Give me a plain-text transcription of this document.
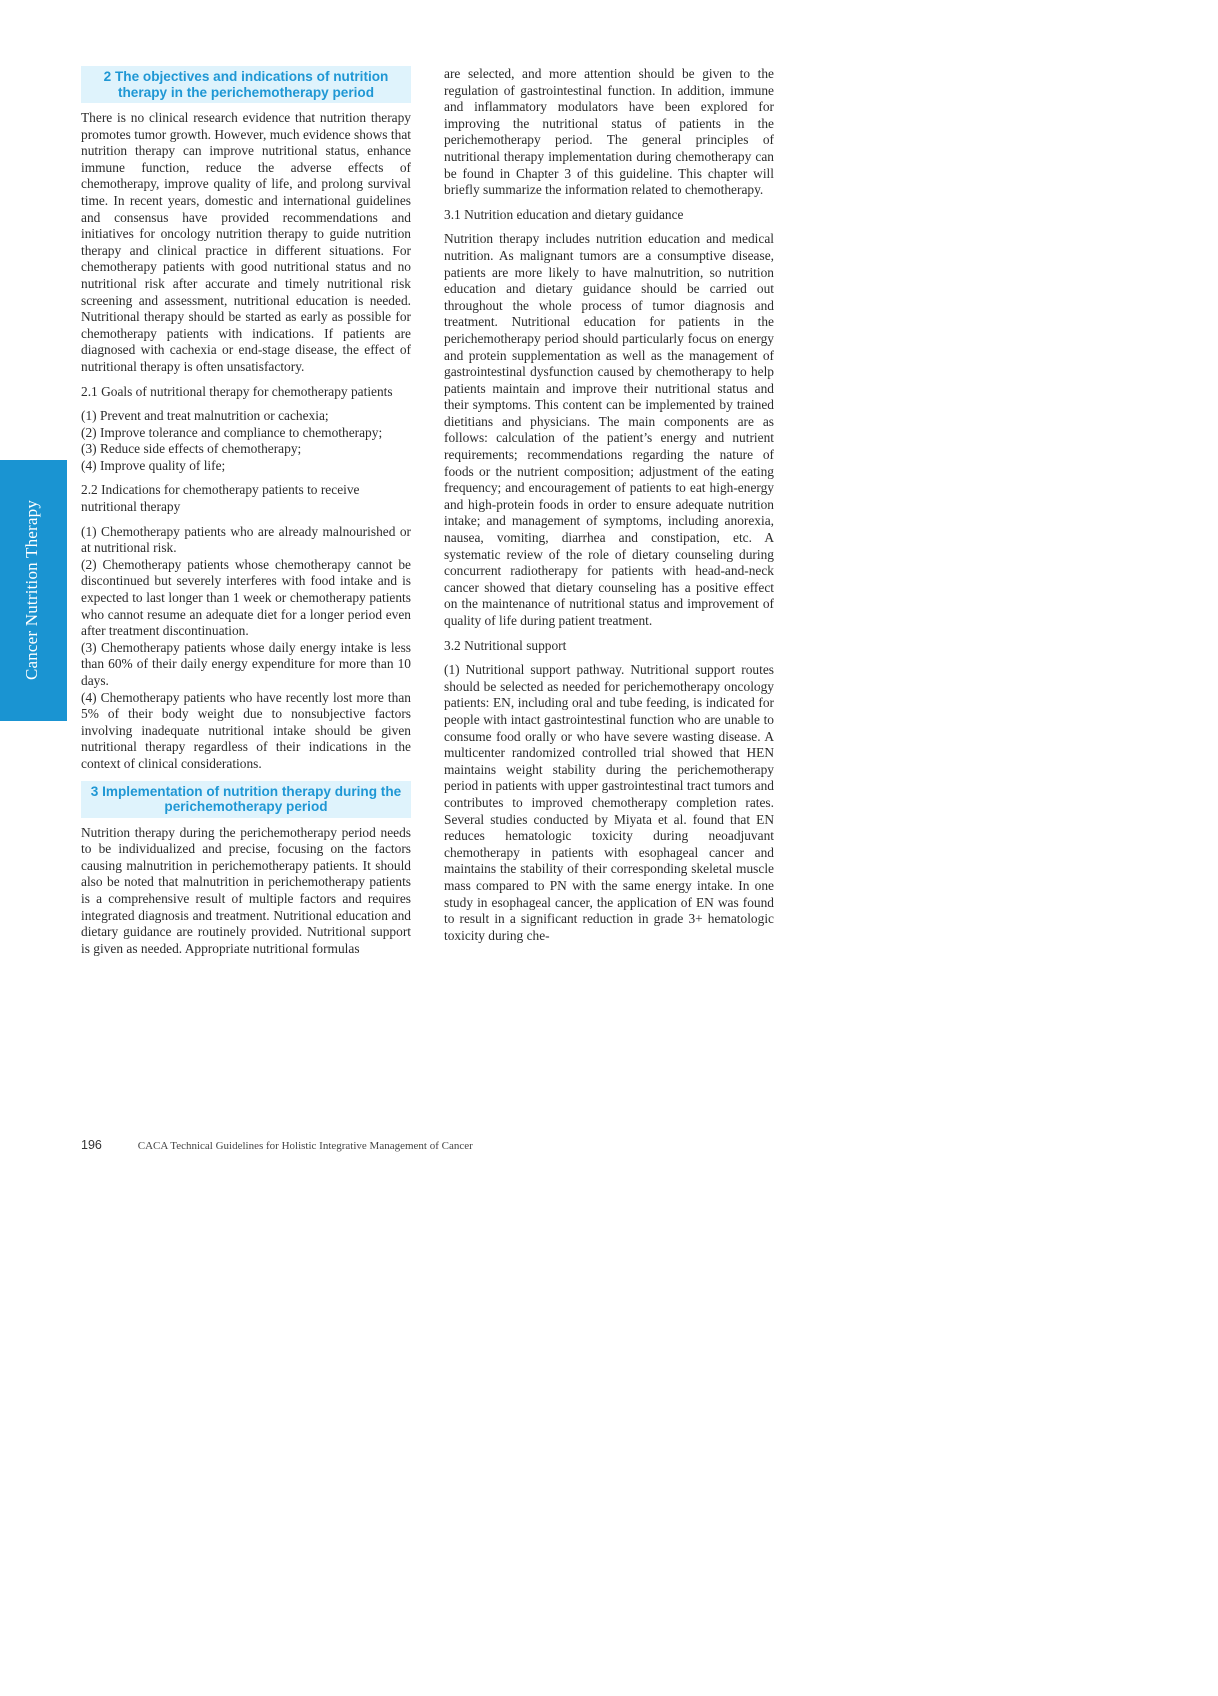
Cancer Nutrition Therapy
2 The objectives and indications of nutrition therapy in the perichemotherapy period

There is no clinical research evidence that nutrition therapy promotes tumor growth. However, much evidence shows that nutrition therapy can improve nutritional status, enhance immune function, reduce the adverse effects of chemotherapy, improve quality of life, and prolong survival time. In recent years, domestic and international guidelines and consensus have provided recommendations and initiatives for oncology nutrition therapy to guide nutrition therapy and clinical practice in different situations. For chemotherapy patients with good nutritional status and no nutritional risk after accurate and timely nutritional risk screening and assessment, nutritional education is needed. Nutritional therapy should be started as early as possible for chemotherapy patients with indications. If patients are diagnosed with cachexia or end-stage disease, the effect of nutritional therapy is often unsatisfactory.

2.1 Goals of nutritional therapy for chemotherapy patients

(1) Prevent and treat malnutrition or cachexia;

(2) Improve tolerance and compliance to chemotherapy;

(3) Reduce side effects of chemotherapy;

(4) Improve quality of life;

2.2 Indications for chemotherapy patients to receive nutritional therapy

(1) Chemotherapy patients who are already malnourished or at nutritional risk.

(2) Chemotherapy patients whose chemotherapy cannot be discontinued but severely interferes with food intake and is expected to last longer than 1 week or chemotherapy patients who cannot resume an adequate diet for a longer period even after treatment discontinuation.

(3) Chemotherapy patients whose daily energy intake is less than 60% of their daily energy expenditure for more than 10 days.

(4) Chemotherapy patients who have recently lost more than 5% of their body weight due to nonsubjective factors involving inadequate nutritional intake should be given nutritional therapy regardless of their indications in the context of clinical considerations.

3 Implementation of nutrition therapy during the perichemotherapy period

Nutrition therapy during the perichemotherapy period needs to be individualized and precise, focusing on the factors causing malnutrition in perichemotherapy patients. It should also be noted that malnutrition in perichemotherapy patients is a comprehensive result of multiple factors and requires integrated diagnosis and treatment. Nutritional education and dietary guidance are routinely provided. Nutritional support is given as needed. Appropriate nutritional formulas

are selected, and more attention should be given to the regulation of gastrointestinal function. In addition, immune and inflammatory modulators have been explored for improving the nutritional status of patients in the perichemotherapy period. The general principles of nutritional therapy implementation during chemotherapy can be found in Chapter 3 of this guideline. This chapter will briefly summarize the information related to chemotherapy.

3.1 Nutrition education and dietary guidance

Nutrition therapy includes nutrition education and medical nutrition. As malignant tumors are a consumptive disease, patients are more likely to have malnutrition, so nutrition education and dietary guidance should be carried out throughout the whole process of tumor diagnosis and treatment. Nutritional education for patients in the perichemotherapy period should particularly focus on energy and protein supplementation as well as the management of gastrointestinal dysfunction caused by chemotherapy to help patients maintain and improve their nutritional status and their symptoms. This content can be implemented by trained dietitians and physicians. The main components are as follows: calculation of the patient’s energy and nutrient requirements; recommendations regarding the nature of foods or the nutrient composition; adjustment of the eating frequency; and encouragement of patients to eat high-energy and high-protein foods in order to ensure adequate nutrition intake; and management of symptoms, including anorexia, nausea, vomiting, diarrhea and constipation, etc. A systematic review of the role of dietary counseling during concurrent radiotherapy for patients with head-and-neck cancer showed that dietary counseling has a positive effect on the maintenance of nutritional status and improvement of quality of life during patient treatment.

3.2 Nutritional support

(1) Nutritional support pathway. Nutritional support routes should be selected as needed for perichemotherapy oncology patients: EN, including oral and tube feeding, is indicated for people with intact gastrointestinal function who are unable to consume food orally or who have severe wasting disease. A multicenter randomized controlled trial showed that HEN maintains weight stability during the perichemotherapy period in patients with upper gastrointestinal tract tumors and contributes to improved chemotherapy completion rates. Several studies conducted by Miyata et al. found that EN reduces hematologic toxicity during neoadjuvant chemotherapy in patients with esophageal cancer and maintains the stability of their corresponding skeletal muscle mass compared to PN with the same energy intake. In one study in esophageal cancer, the application of EN was found to result in a significant reduction in grade 3+ hematologic toxicity during che-

196	CACA Technical Guidelines for Holistic Integrative Management of Cancer
